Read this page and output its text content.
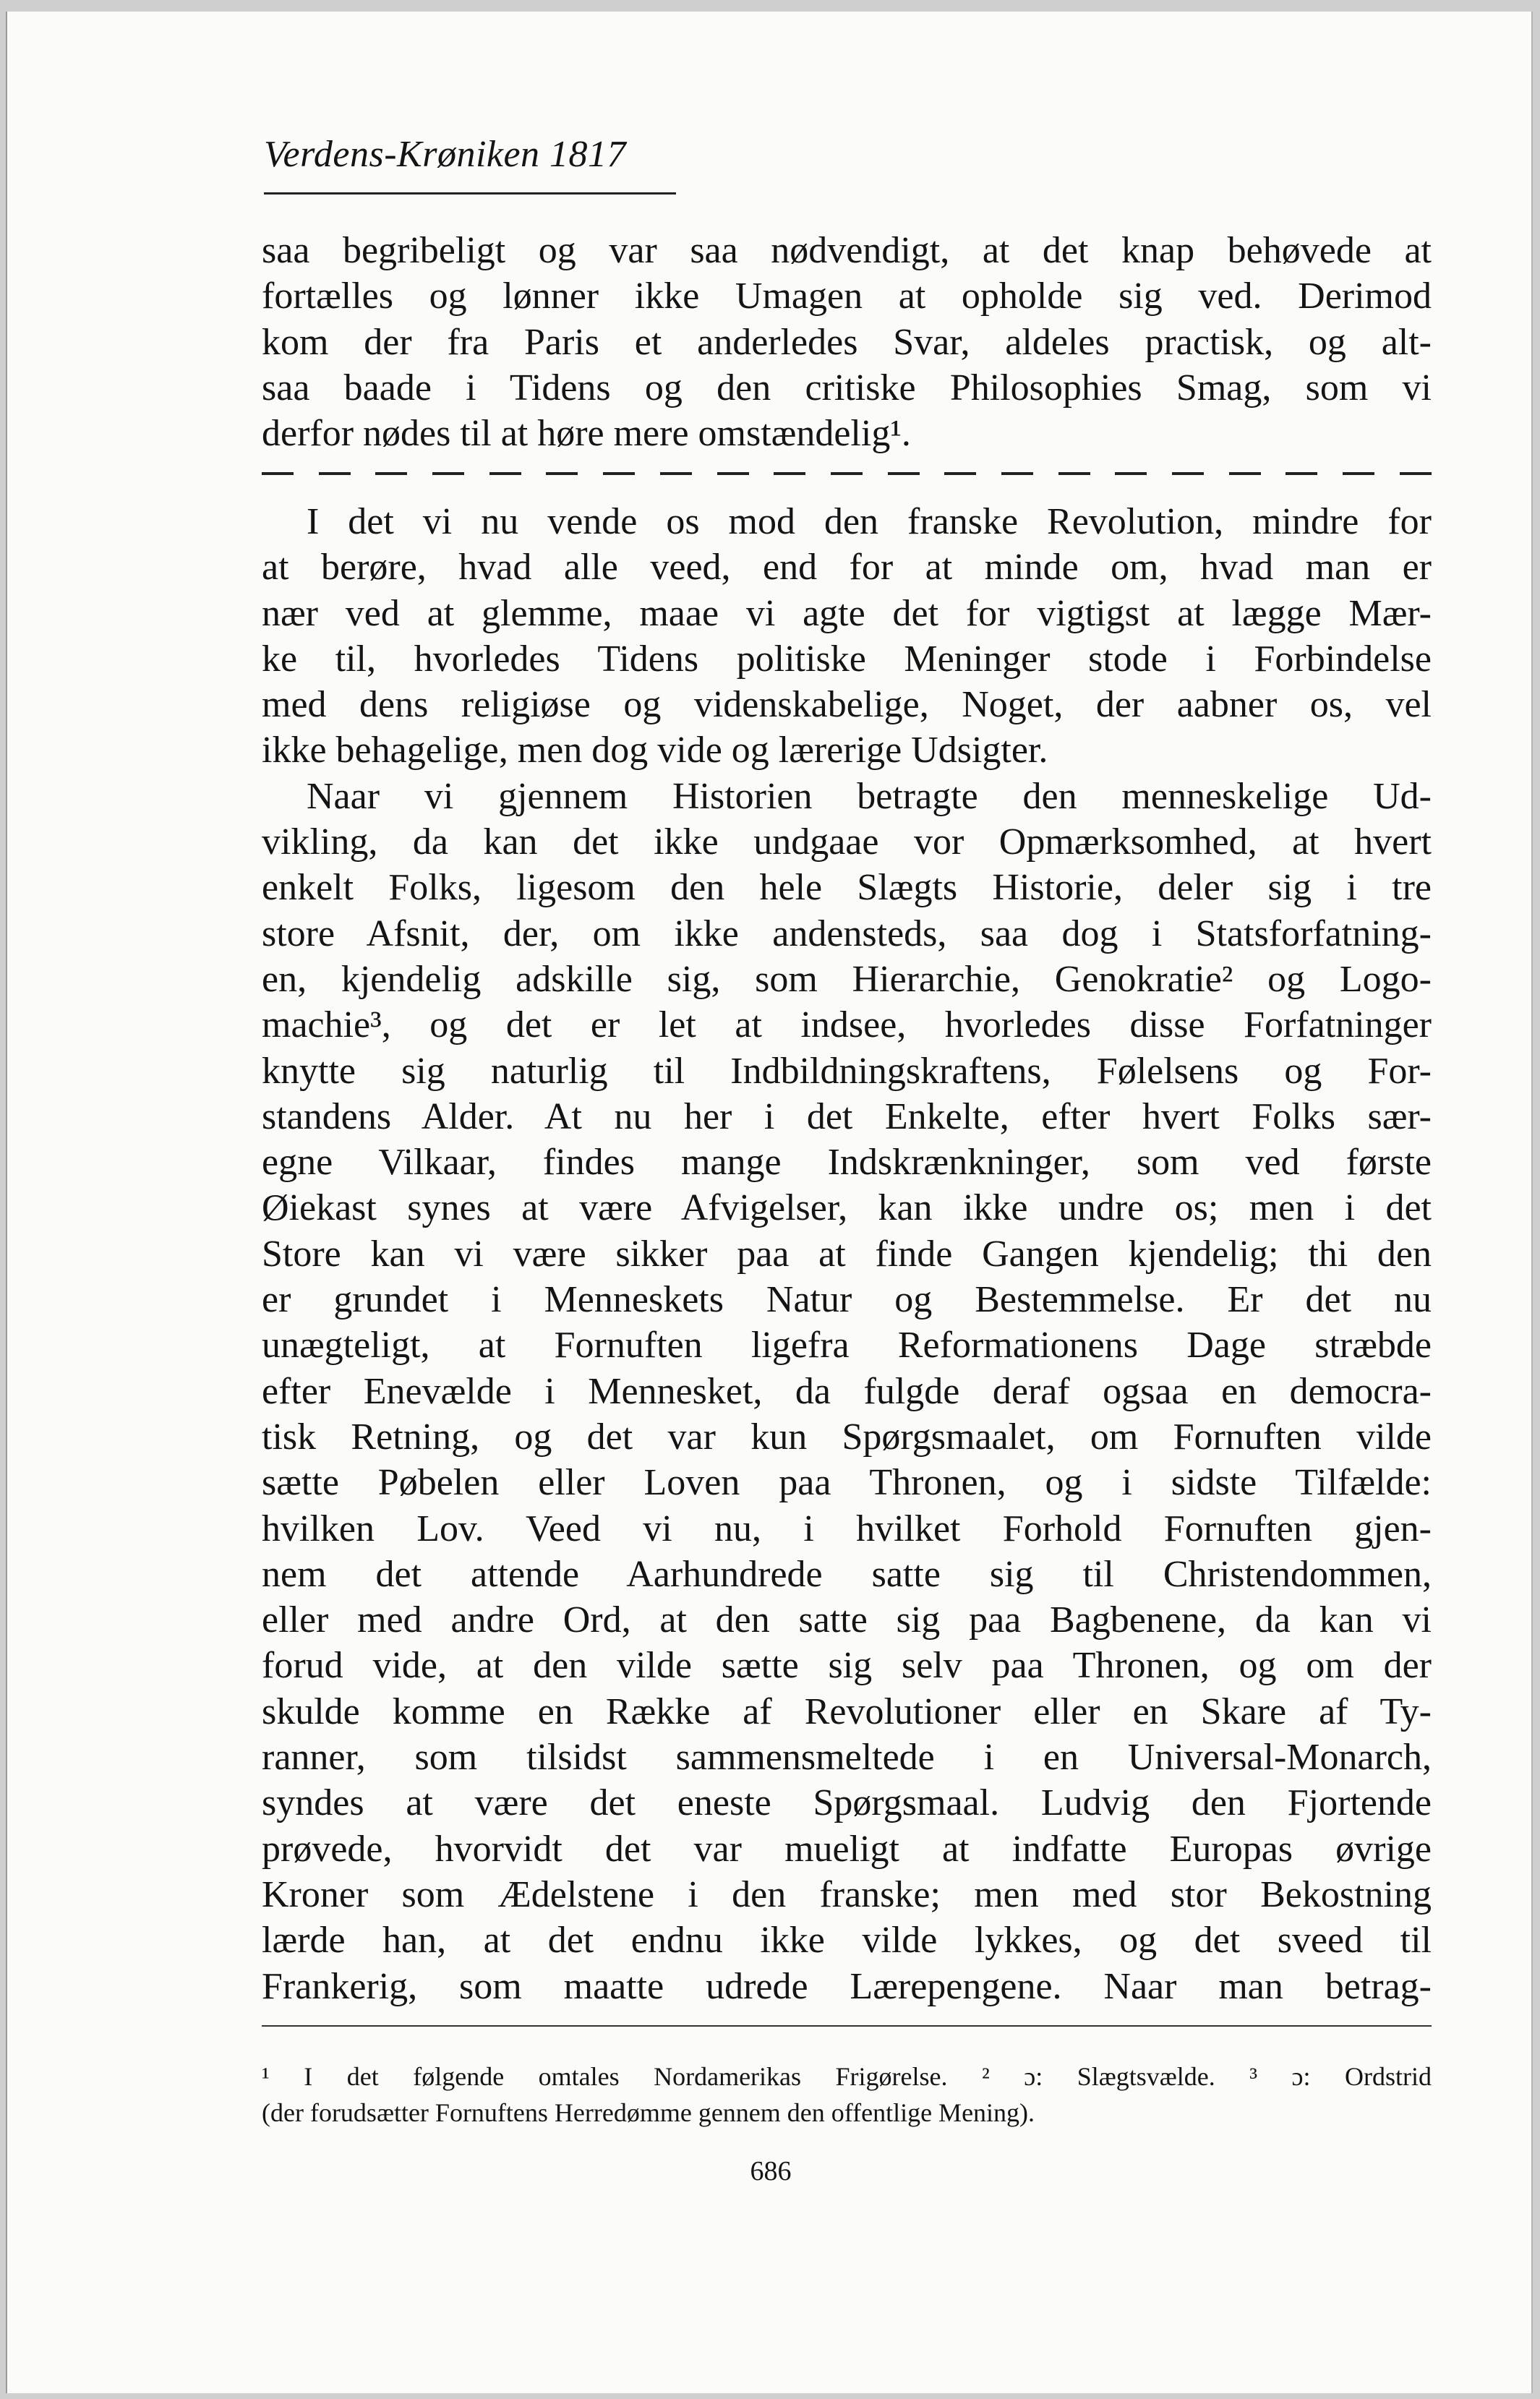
Verdens-Krøniken 1817
saa begribeligt og var saa nødvendigt, at det knap behøvede at
fortælles og lønner ikke Umagen at opholde sig ved. Derimod
kom der fra Paris et anderledes Svar, aldeles practisk, og alt-
saa baade i Tidens og den critiske Philosophies Smag, som vi
derfor nødes til at høre mere omstændelig¹.
I det vi nu vende os mod den franske Revolution, mindre for
at berøre, hvad alle veed, end for at minde om, hvad man er
nær ved at glemme, maae vi agte det for vigtigst at lægge Mær-
ke til, hvorledes Tidens politiske Meninger stode i Forbindelse
med dens religiøse og videnskabelige, Noget, der aabner os, vel
ikke behagelige, men dog vide og lærerige Udsigter.
Naar vi gjennem Historien betragte den menneskelige Ud-
vikling, da kan det ikke undgaae vor Opmærksomhed, at hvert
enkelt Folks, ligesom den hele Slægts Historie, deler sig i tre
store Afsnit, der, om ikke andensteds, saa dog i Statsforfatning-
en, kjendelig adskille sig, som Hierarchie, Genokratie² og Logo-
machie³, og det er let at indsee, hvorledes disse Forfatninger
knytte sig naturlig til Indbildningskraftens, Følelsens og For-
standens Alder. At nu her i det Enkelte, efter hvert Folks sær-
egne Vilkaar, findes mange Indskrænkninger, som ved første
Øiekast synes at være Afvigelser, kan ikke undre os; men i det
Store kan vi være sikker paa at finde Gangen kjendelig; thi den
er grundet i Menneskets Natur og Bestemmelse. Er det nu
unægteligt, at Fornuften ligefra Reformationens Dage stræbde
efter Enevælde i Mennesket, da fulgde deraf ogsaa en democra-
tisk Retning, og det var kun Spørgsmaalet, om Fornuften vilde
sætte Pøbelen eller Loven paa Thronen, og i sidste Tilfælde:
hvilken Lov. Veed vi nu, i hvilket Forhold Fornuften gjen-
nem det attende Aarhundrede satte sig til Christendommen,
eller med andre Ord, at den satte sig paa Bagbenene, da kan vi
forud vide, at den vilde sætte sig selv paa Thronen, og om der
skulde komme en Række af Revolutioner eller en Skare af Ty-
ranner, som tilsidst sammensmeltede i en Universal-Monarch,
syndes at være det eneste Spørgsmaal. Ludvig den Fjortende
prøvede, hvorvidt det var mueligt at indfatte Europas øvrige
Kroner som Ædelstene i den franske; men med stor Bekostning
lærde han, at det endnu ikke vilde lykkes, og det sveed til
Frankerig, som maatte udrede Lærepengene. Naar man betrag-
¹ I det følgende omtales Nordamerikas Frigørelse. ² ɔ: Slægtsvælde. ³ ɔ: Ordstrid
(der forudsætter Fornuftens Herredømme gennem den offentlige Mening).
686
